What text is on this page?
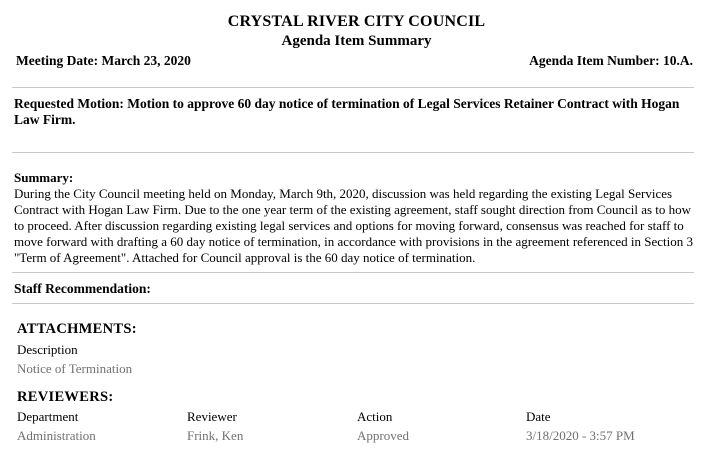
CRYSTAL RIVER CITY COUNCIL
Agenda Item Summary
Meeting Date: March 23, 2020	Agenda Item Number: 10.A.
Requested Motion: Motion to approve 60 day notice of termination of Legal Services Retainer Contract with Hogan Law Firm.
Summary:
During the City Council meeting held on Monday, March 9th, 2020, discussion was held regarding the existing Legal Services Contract with Hogan Law Firm. Due to the one year term of the existing agreement, staff sought direction from Council as to how to proceed. After discussion regarding existing legal services and options for moving forward, consensus was reached for staff to move forward with drafting a 60 day notice of termination, in accordance with provisions in the agreement referenced in Section 3 "Term of Agreement". Attached for Council approval is the 60 day notice of termination.
Staff Recommendation:
ATTACHMENTS:
Description
Notice of Termination
REVIEWERS:
Department	Reviewer	Action	Date
Administration	Frink, Ken	Approved	3/18/2020 - 3:57 PM
